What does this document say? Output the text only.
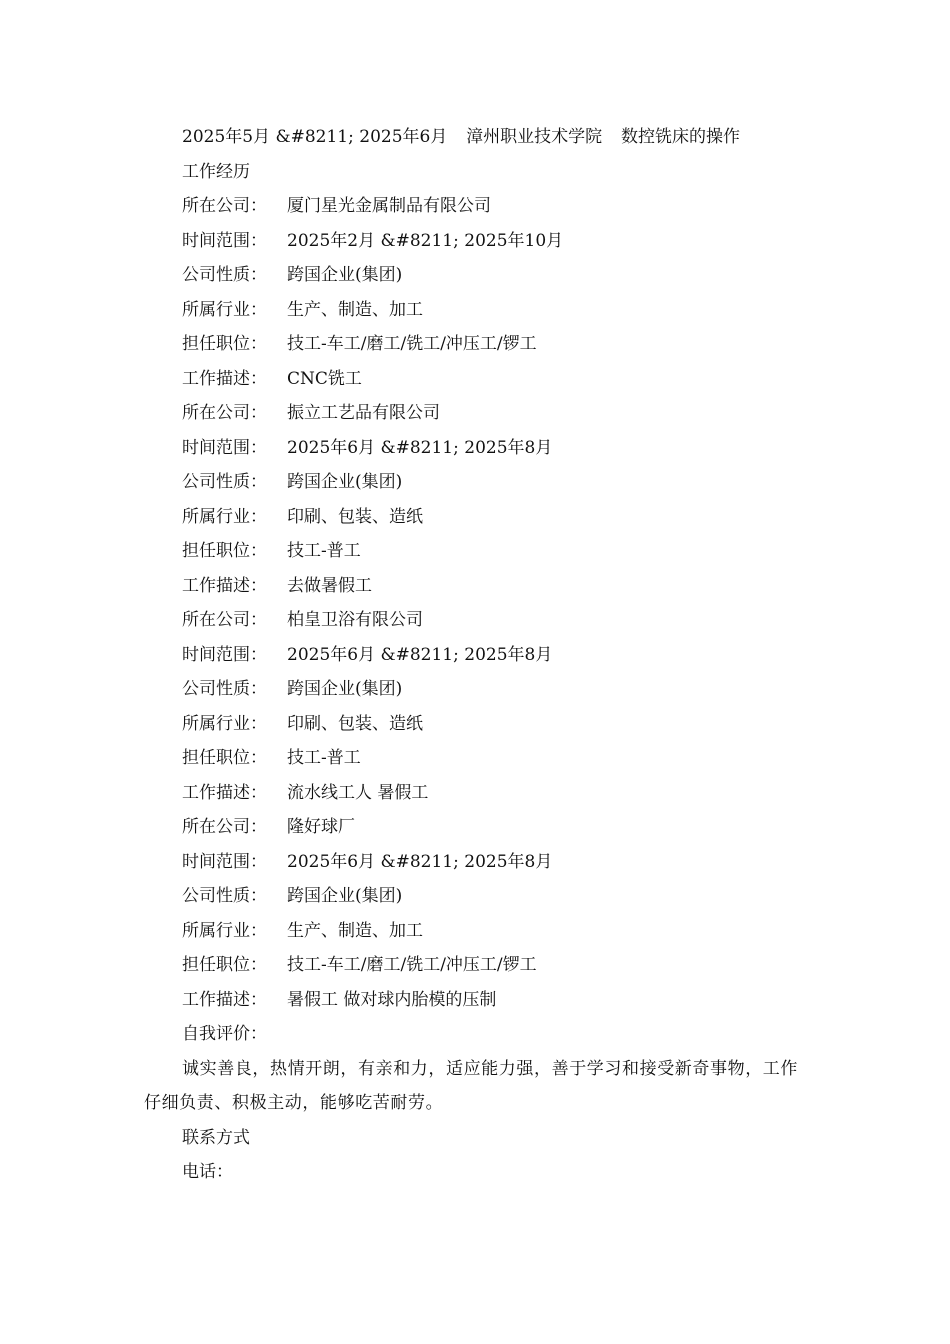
2025年5月 &#8211; 2025年6月 漳州职业技术学院 数控铣床的操作
工作经历
所在公司： 厦门星光金属制品有限公司
时间范围： 2025年2月 &#8211; 2025年10月
公司性质： 跨国企业(集团)
所属行业： 生产、制造、加工
担任职位： 技工-车工/磨工/铣工/冲压工/锣工
工作描述： CNC铣工
所在公司： 振立工艺品有限公司
时间范围： 2025年6月 &#8211; 2025年8月
公司性质： 跨国企业(集团)
所属行业： 印刷、包装、造纸
担任职位： 技工-普工
工作描述： 去做暑假工
所在公司： 柏皇卫浴有限公司
时间范围： 2025年6月 &#8211; 2025年8月
公司性质： 跨国企业(集团)
所属行业： 印刷、包装、造纸
担任职位： 技工-普工
工作描述： 流水线工人 暑假工
所在公司： 隆好球厂
时间范围： 2025年6月 &#8211; 2025年8月
公司性质： 跨国企业(集团)
所属行业： 生产、制造、加工
担任职位： 技工-车工/磨工/铣工/冲压工/锣工
工作描述： 暑假工 做对球内胎模的压制
自我评价：
诚实善良，热情开朗，有亲和力，适应能力强，善于学习和接受新奇事物，工作仔细负责、积极主动，能够吃苦耐劳。
联系方式
电话：
